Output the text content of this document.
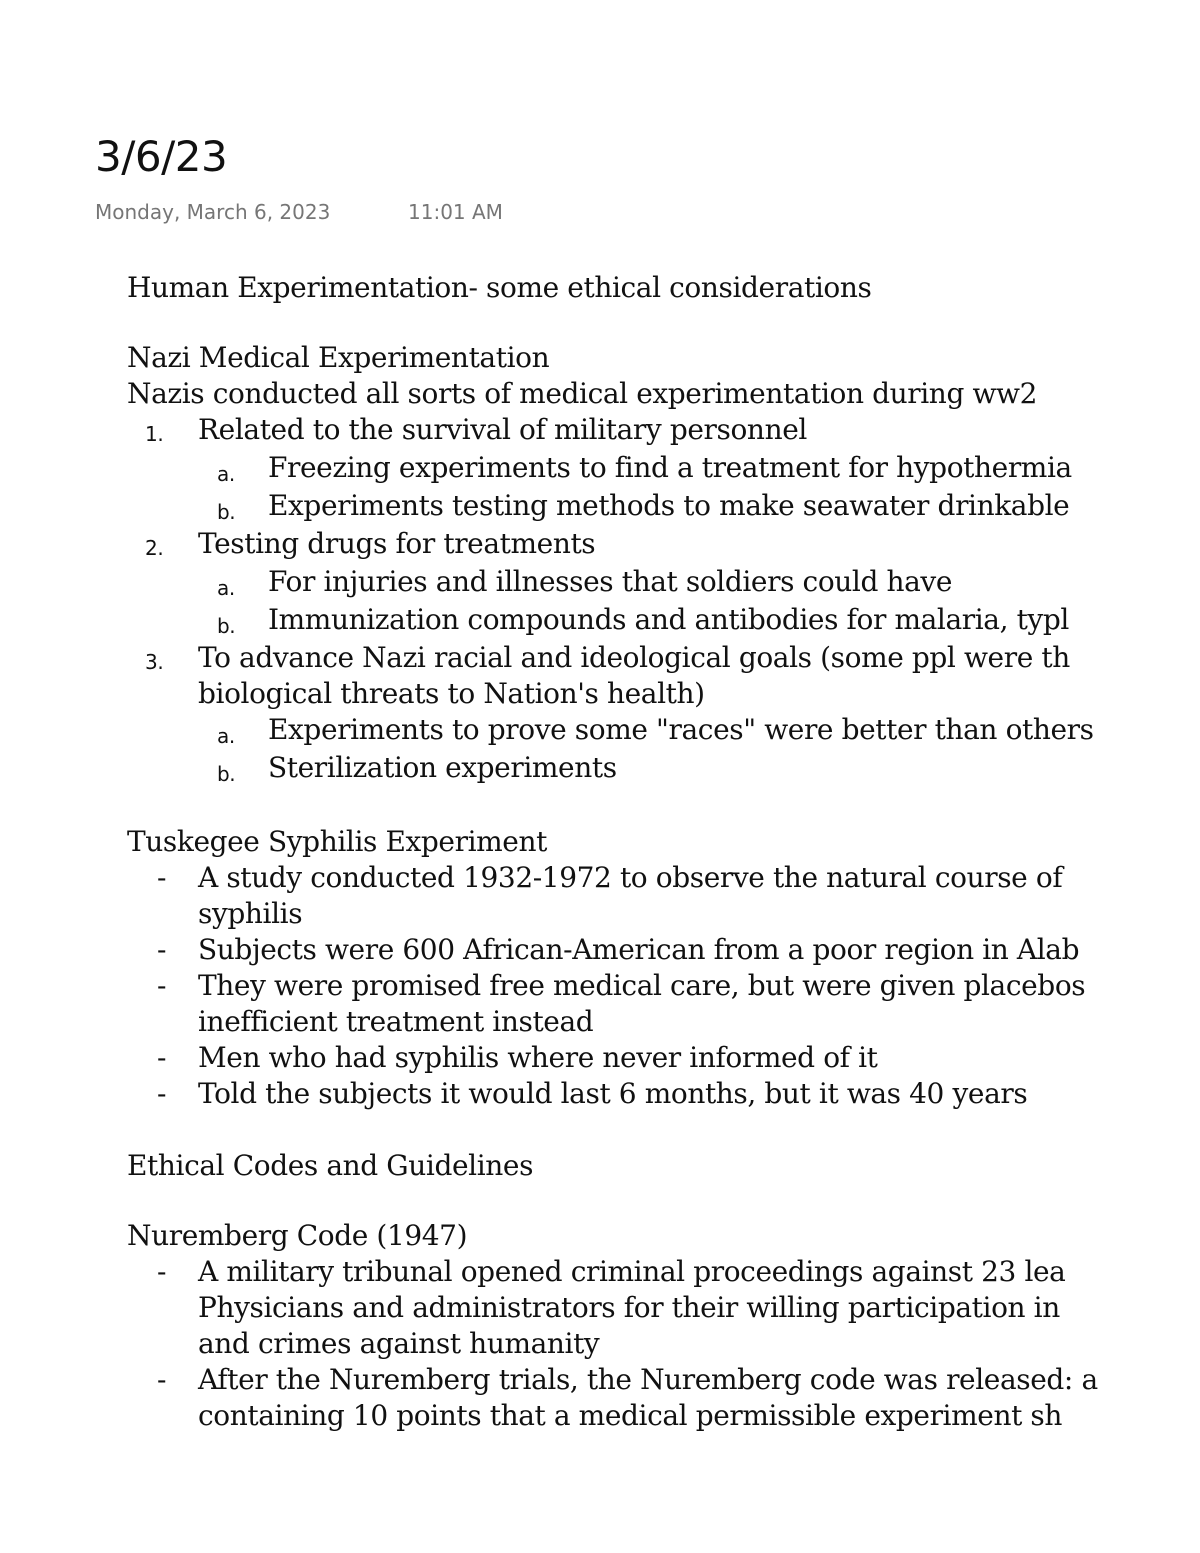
3/6/23
Monday, March 6, 2023	11:01 AM
Human Experimentation- some ethical considerations
Nazi Medical Experimentation
Nazis conducted all sorts of medical experimentation during ww2
1. Related to the survival of military personnel
a. Freezing experiments to find a treatment for hypothermia
b. Experiments testing methods to make seawater drinkable
2. Testing drugs for treatments
a. For injuries and illnesses that soldiers could have
b. Immunization compounds and antibodies for malaria, typl
3. To advance Nazi racial and ideological goals (some ppl were th
biological threats to Nation's health)
a. Experiments to prove some "races" were better than others
b. Sterilization experiments
Tuskegee Syphilis Experiment
- A study conducted 1932-1972 to observe the natural course of
syphilis
- Subjects were 600 African-American from a poor region in Alab
- They were promised free medical care, but were given placebos
inefficient treatment instead
- Men who had syphilis where never informed of it
- Told the subjects it would last 6 months, but it was 40 years
Ethical Codes and Guidelines
Nuremberg Code (1947)
- A military tribunal opened criminal proceedings against 23 lea
Physicians and administrators for their willing participation in
and crimes against humanity
- After the Nuremberg trials, the Nuremberg code was released: a
containing 10 points that a medical permissible experiment sh
